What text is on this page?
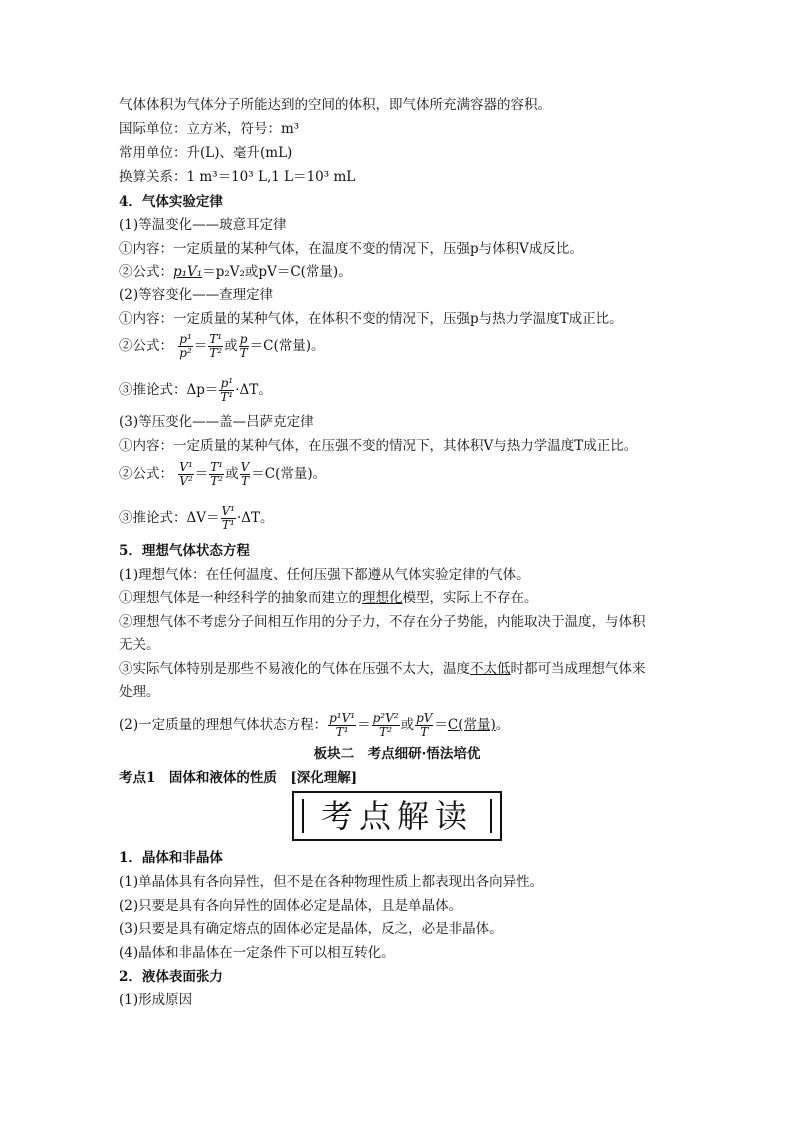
气体体积为气体分子所能达到的空间的体积，即气体所充满容器的容积。
国际单位：立方米，符号：m³
常用单位：升(L)、毫升(mL)
换算关系：1 m³＝10³ L,1 L＝10³ mL
4．气体实验定律
(1)等温变化——玻意耳定律
①内容：一定质量的某种气体，在温度不变的情况下，压强p与体积V成反比。
②公式：p₁V₁＝p₂V₂或pV＝C(常量)。
(2)等容变化——查理定律
①内容：一定质量的某种气体，在体积不变的情况下，压强p与热力学温度T成正比。
②公式： $\frac{\text{p¹}}{\text{p²}} = \frac{\text{T¹}}{\text{T²}}$ 或 $\frac{p}{T} =C$(常量)。
③推论式：$\Delta p= \frac{\text{p¹}}{\text{T¹}} \cdot\Delta T$。
(3)等压变化——盖—吕萨克定律
①内容：一定质量的某种气体，在压强不变的情况下，其体积V与热力学温度T成正比。
②公式： $\frac{\text{V¹}}{\text{V²}} = \frac{\text{T¹}}{\text{T²}}$ 或 $\frac{V}{T} =C$(常量)。
③推论式：$\Delta V= \frac{\text{V¹}}{\text{T¹}} \cdot\Delta T$。
5．理想气体状态方程
(1)理想气体：在任何温度、任何压强下都遵从气体实验定律的气体。
①理想气体是一种经科学的抽象而建立的理想化模型，实际上不存在。
②理想气体不考虑分子间相互作用的分子力，不存在分子势能，内能取决于温度，与体积
无关。
③实际气体特别是那些不易液化的气体在压强不太大，温度不太低时都可当成理想气体来
处理。
(2)一定质量的理想气体状态方程： $\frac{\text{p¹V¹}}{\text{T¹}} = \frac{\text{p²V²}}{\text{T²}}$ 或 $\frac{pV}{T} =C$(常量)。
板块二　考点细研·悟法培优
考点1　固体和液体的性质　[深化理解]
考点解读
1．晶体和非晶体
(1)单晶体具有各向异性，但不是在各种物理性质上都表现出各向异性。
(2)只要是具有各向异性的固体必定是晶体，且是单晶体。
(3)只要是具有确定熔点的固体必定是晶体，反之，必是非晶体。
(4)晶体和非晶体在一定条件下可以相互转化。
2．液体表面张力
(1)形成原因
